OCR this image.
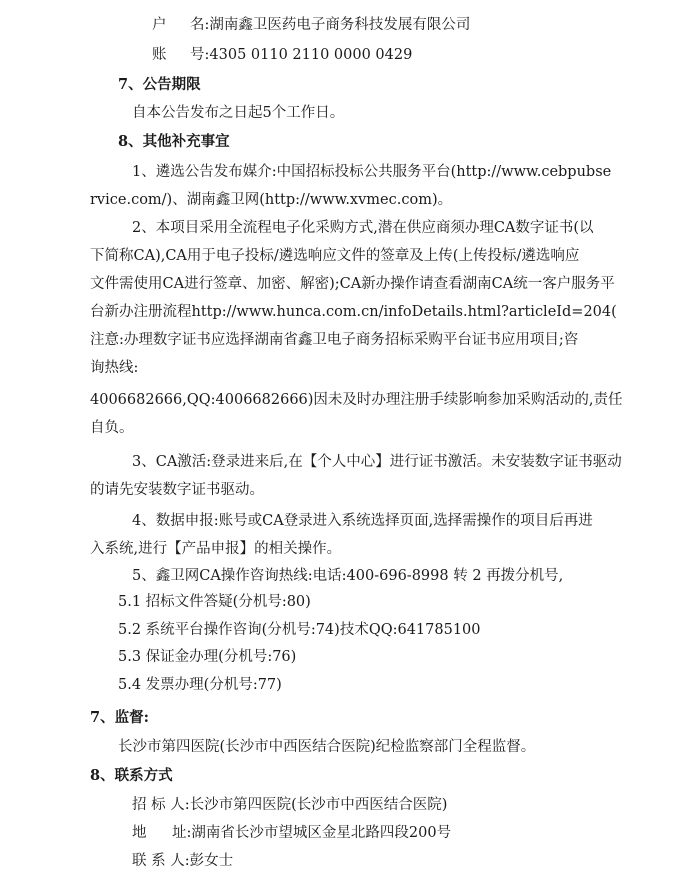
户 名:湖南鑫卫医药电子商务科技发展有限公司
账 号:4305 0110 2110 0000 0429
7、公告期限
自本公告发布之日起5个工作日。
8、其他补充事宜
1、遴选公告发布媒介:中国招标投标公共服务平台(http://www.cebpubse
rvice.com/)、湖南鑫卫网(http://www.xvmec.com)。
2、本项目采用全流程电子化采购方式,潜在供应商须办理CA数字证书(以
下简称CA),CA用于电子投标/遴选响应文件的签章及上传(上传投标/遴选响应
文件需使用CA进行签章、加密、解密);CA新办操作请查看湖南CA统一客户服务平
台新办注册流程http://www.hunca.com.cn/infoDetails.html?articleId=204(
注意:办理数字证书应选择湖南省鑫卫电子商务招标采购平台证书应用项目;咨
询热线:
4006682666,QQ:4006682666)因未及时办理注册手续影响参加采购活动的,责任
自负。
3、CA激活:登录进来后,在【个人中心】进行证书激活。未安装数字证书驱动
的请先安装数字证书驱动。
4、数据申报:账号或CA登录进入系统选择页面,选择需操作的项目后再进
入系统,进行【产品申报】的相关操作。
5、鑫卫网CA操作咨询热线:电话:400-696-8998 转 2 再拨分机号,
5.1 招标文件答疑(分机号:80)
5.2 系统平台操作咨询(分机号:74)技术QQ:641785100
5.3 保证金办理(分机号:76)
5.4 发票办理(分机号:77)
7、监督:
长沙市第四医院(长沙市中西医结合医院)纪检监察部门全程监督。
8、联系方式
招 标 人:长沙市第四医院(长沙市中西医结合医院)
地 址:湖南省长沙市望城区金星北路四段200号
联 系 人:彭女士
